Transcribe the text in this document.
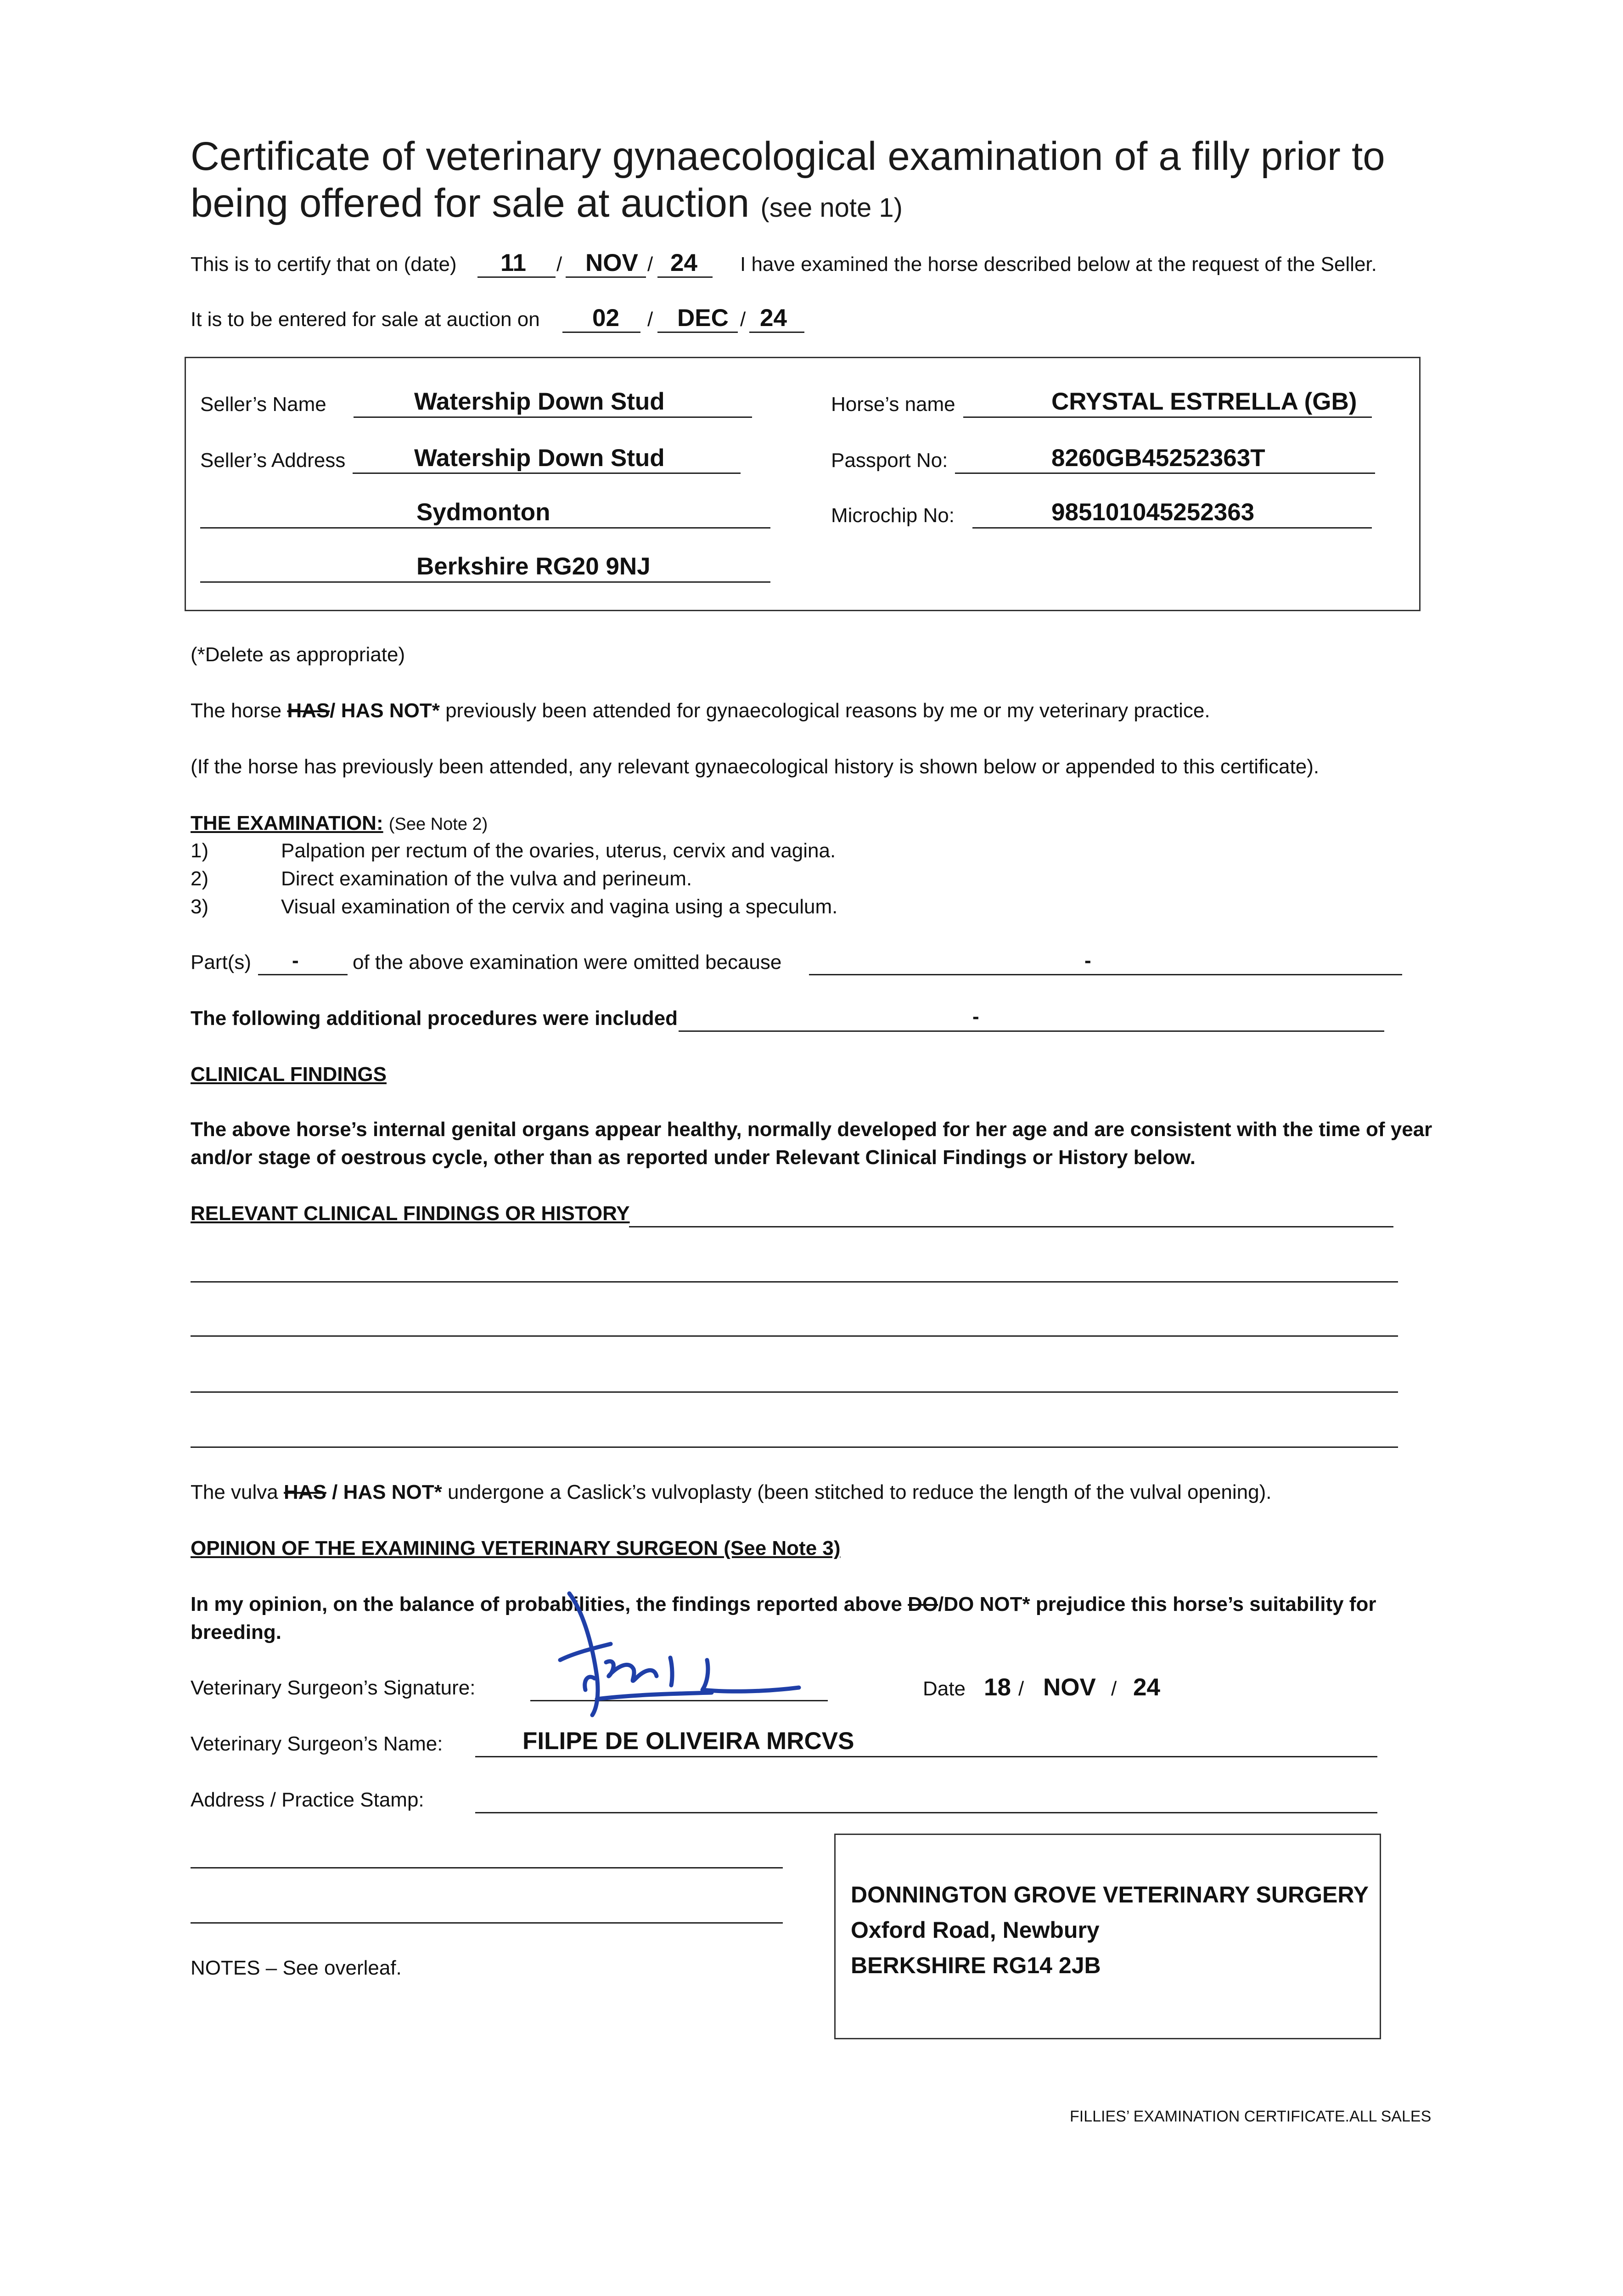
Certificate of veterinary gynaecological examination of a filly prior to
being offered for sale at auction (see note 1)
This is to certify that on (date) 11 / NOV / 24 I have examined the horse described below at the request of the Seller.
It is to be entered for sale at auction on 02 / DEC / 24
Seller’s Name	Watership Down Stud
Seller’s Address	Watership Down Stud
Sydmonton
Berkshire RG20 9NJ
Horse’s name	CRYSTAL ESTRELLA (GB)
Passport No:	8260GB45252363T
Microchip No:	985101045252363
(*Delete as appropriate)
The horse HAS/ HAS NOT* previously been attended for gynaecological reasons by me or my veterinary practice.
(If the horse has previously been attended, any relevant gynaecological history is shown below or appended to this certificate).
THE EXAMINATION: (See Note 2)
1)	Palpation per rectum of the ovaries, uterus, cervix and vagina.
2)	Direct examination of the vulva and perineum.
3)	Visual examination of the cervix and vagina using a speculum.
Part(s) -	of the above examination were omitted because	-
The following additional procedures were included	-
CLINICAL FINDINGS
The above horse’s internal genital organs appear healthy, normally developed for her age and are consistent with the time of year
and/or stage of oestrous cycle, other than as reported under Relevant Clinical Findings or History below.
RELEVANT CLINICAL FINDINGS OR HISTORY
The vulva HAS / HAS NOT* undergone a Caslick’s vulvoplasty (been stitched to reduce the length of the vulval opening).
OPINION OF THE EXAMINING VETERINARY SURGEON (See Note 3)
In my opinion, on the balance of probabilities, the findings reported above DO/DO NOT* prejudice this horse’s suitability for
breeding.
Veterinary Surgeon’s Signature:	Date 18 / NOV / 24
Veterinary Surgeon’s Name:	FILIPE DE OLIVEIRA MRCVS
Address / Practice Stamp:
DONNINGTON GROVE VETERINARY SURGERY
Oxford Road, Newbury
BERKSHIRE RG14 2JB
NOTES – See overleaf.
FILLIES’ EXAMINATION CERTIFICATE.ALL SALES
